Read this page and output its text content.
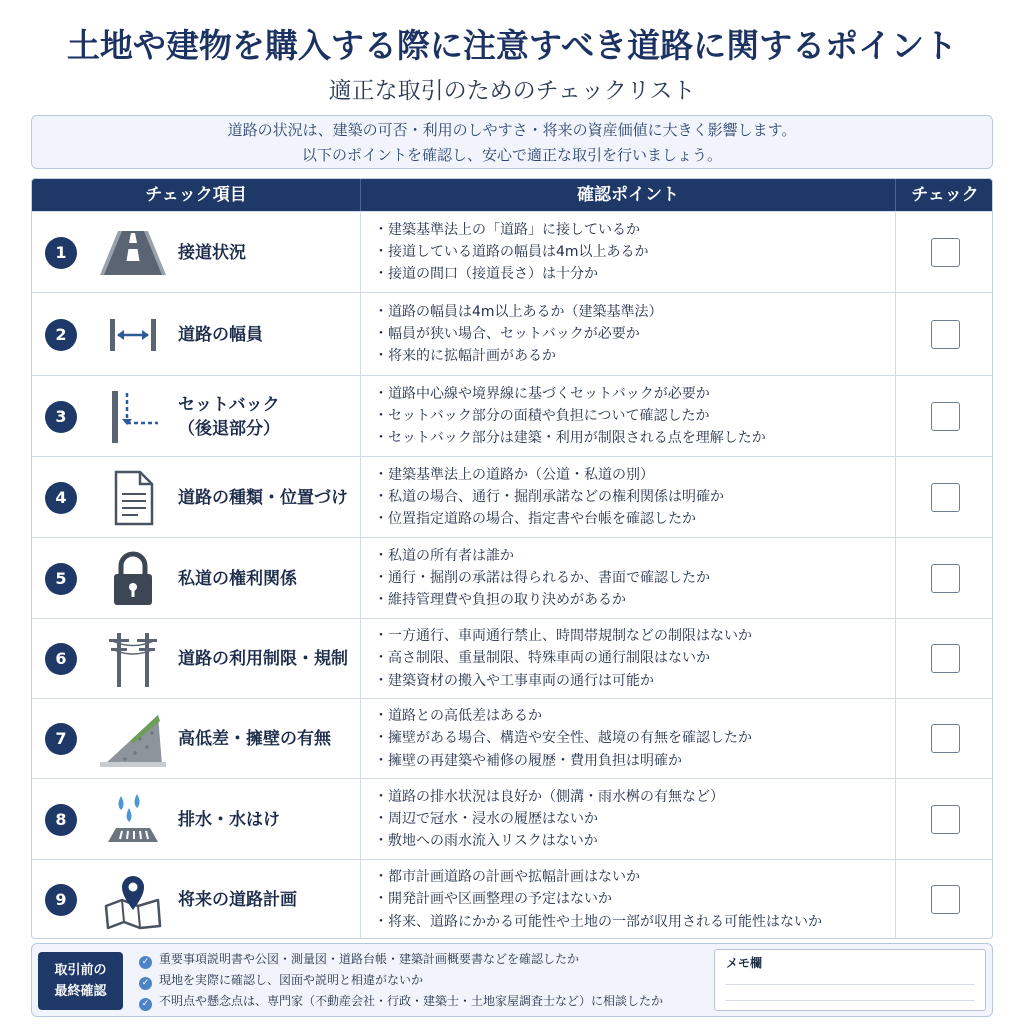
土地や建物を購入する際に注意すべき道路に関するポイント
適正な取引のためのチェックリスト
道路の状況は、建築の可否・利用のしやすさ・将来の資産価値に大きく影響します。
以下のポイントを確認し、安心で適正な取引を行いましょう。
チェック項目	確認ポイント	チェック
1	接道状況
・建築基準法上の「道路」に接しているか
・接道している道路の幅員は4m以上あるか
・接道の間口（接道長さ）は十分か
2	道路の幅員
・道路の幅員は4m以上あるか（建築基準法）
・幅員が狭い場合、セットバックが必要か
・将来的に拡幅計画があるか
3
セットバック
（後退部分）
・道路中心線や境界線に基づくセットバックが必要か
・セットバック部分の面積や負担について確認したか
・セットバック部分は建築・利用が制限される点を理解したか
4	道路の種類・位置づけ
・建築基準法上の道路か（公道・私道の別）
・私道の場合、通行・掘削承諾などの権利関係は明確か
・位置指定道路の場合、指定書や台帳を確認したか
5	私道の権利関係
・私道の所有者は誰か
・通行・掘削の承諾は得られるか、書面で確認したか
・維持管理費や負担の取り決めがあるか
6	道路の利用制限・規制
・一方通行、車両通行禁止、時間帯規制などの制限はないか
・高さ制限、重量制限、特殊車両の通行制限はないか
・建築資材の搬入や工事車両の通行は可能か
7	高低差・擁壁の有無
・道路との高低差はあるか
・擁壁がある場合、構造や安全性、越境の有無を確認したか
・擁壁の再建築や補修の履歴・費用負担は明確か
8	排水・水はけ
・道路の排水状況は良好か（側溝・雨水桝の有無など）
・周辺で冠水・浸水の履歴はないか
・敷地への雨水流入リスクはないか
9	将来の道路計画
・都市計画道路の計画や拡幅計画はないか
・開発計画や区画整理の予定はないか
・将来、道路にかかる可能性や土地の一部が収用される可能性はないか
取引前の
最終確認
✓ 重要事項説明書や公図・測量図・道路台帳・建築計画概要書などを確認したか
✓ 現地を実際に確認し、図面や説明と相違がないか
✓ 不明点や懸念点は、専門家（不動産会社・行政・建築士・土地家屋調査士など）に相談したか
メモ欄
